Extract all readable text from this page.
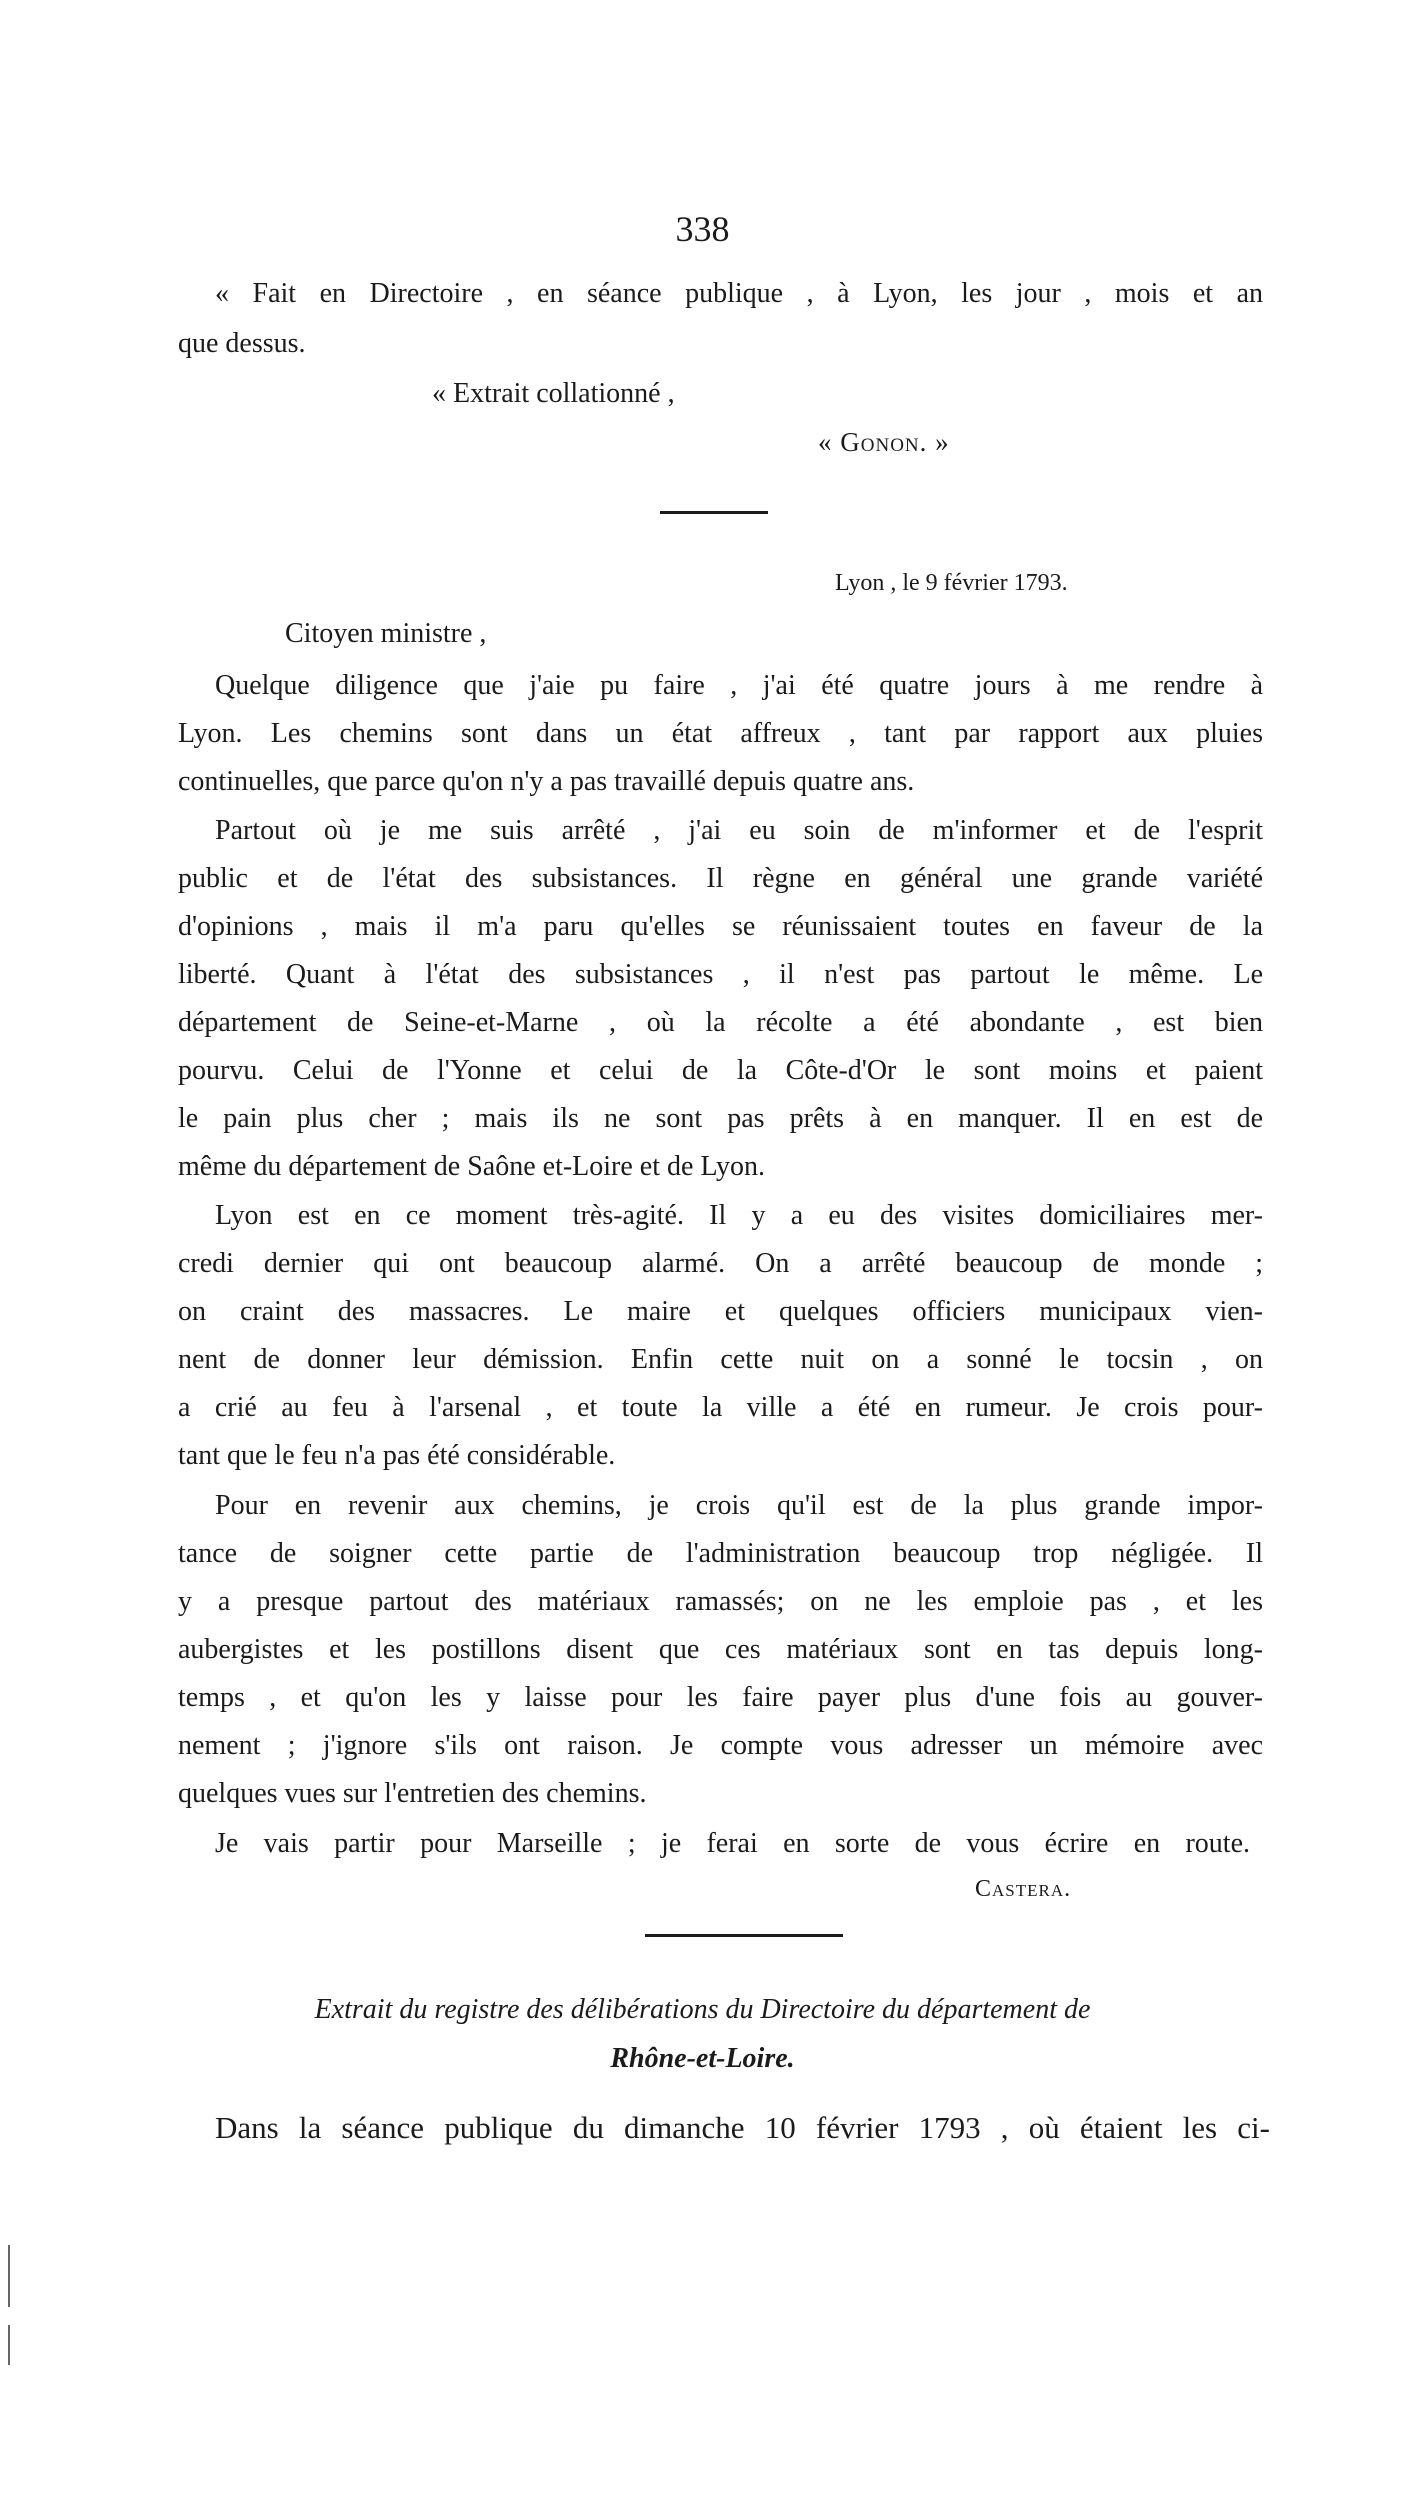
338
« Fait en Directoire , en séance publique , à Lyon, les jour , mois et an
que dessus.
« Extrait collationné ,
« Gonon. »
Lyon , le 9 février 1793.
Citoyen ministre ,
Quelque diligence que j'aie pu faire , j'ai été quatre jours à me rendre à
Lyon. Les chemins sont dans un état affreux , tant par rapport aux pluies
continuelles, que parce qu'on n'y a pas travaillé depuis quatre ans.
Partout où je me suis arrêté , j'ai eu soin de m'informer et de l'esprit
public et de l'état des subsistances. Il règne en général une grande variété
d'opinions , mais il m'a paru qu'elles se réunissaient toutes en faveur de la
liberté. Quant à l'état des subsistances , il n'est pas partout le même. Le
département de Seine-et-Marne , où la récolte a été abondante , est bien
pourvu. Celui de l'Yonne et celui de la Côte-d'Or le sont moins et paient
le pain plus cher ; mais ils ne sont pas prêts à en manquer. Il en est de
même du département de Saône et-Loire et de Lyon.
Lyon est en ce moment très-agité. Il y a eu des visites domiciliaires mer-
credi dernier qui ont beaucoup alarmé. On a arrêté beaucoup de monde ;
on craint des massacres. Le maire et quelques officiers municipaux vien-
nent de donner leur démission. Enfin cette nuit on a sonné le tocsin , on
a crié au feu à l'arsenal , et toute la ville a été en rumeur. Je crois pour-
tant que le feu n'a pas été considérable.
Pour en revenir aux chemins, je crois qu'il est de la plus grande impor-
tance de soigner cette partie de l'administration beaucoup trop négligée. Il
y a presque partout des matériaux ramassés; on ne les emploie pas , et les
aubergistes et les postillons disent que ces matériaux sont en tas depuis long-
temps , et qu'on les y laisse pour les faire payer plus d'une fois au gouver-
nement ; j'ignore s'ils ont raison. Je compte vous adresser un mémoire avec
quelques vues sur l'entretien des chemins.
Je vais partir pour Marseille ; je ferai en sorte de vous écrire en route.
Castera.
Extrait du registre des délibérations du Directoire du département de
Rhône-et-Loire.
Dans la séance publique du dimanche 10 février 1793 , où étaient les ci-
